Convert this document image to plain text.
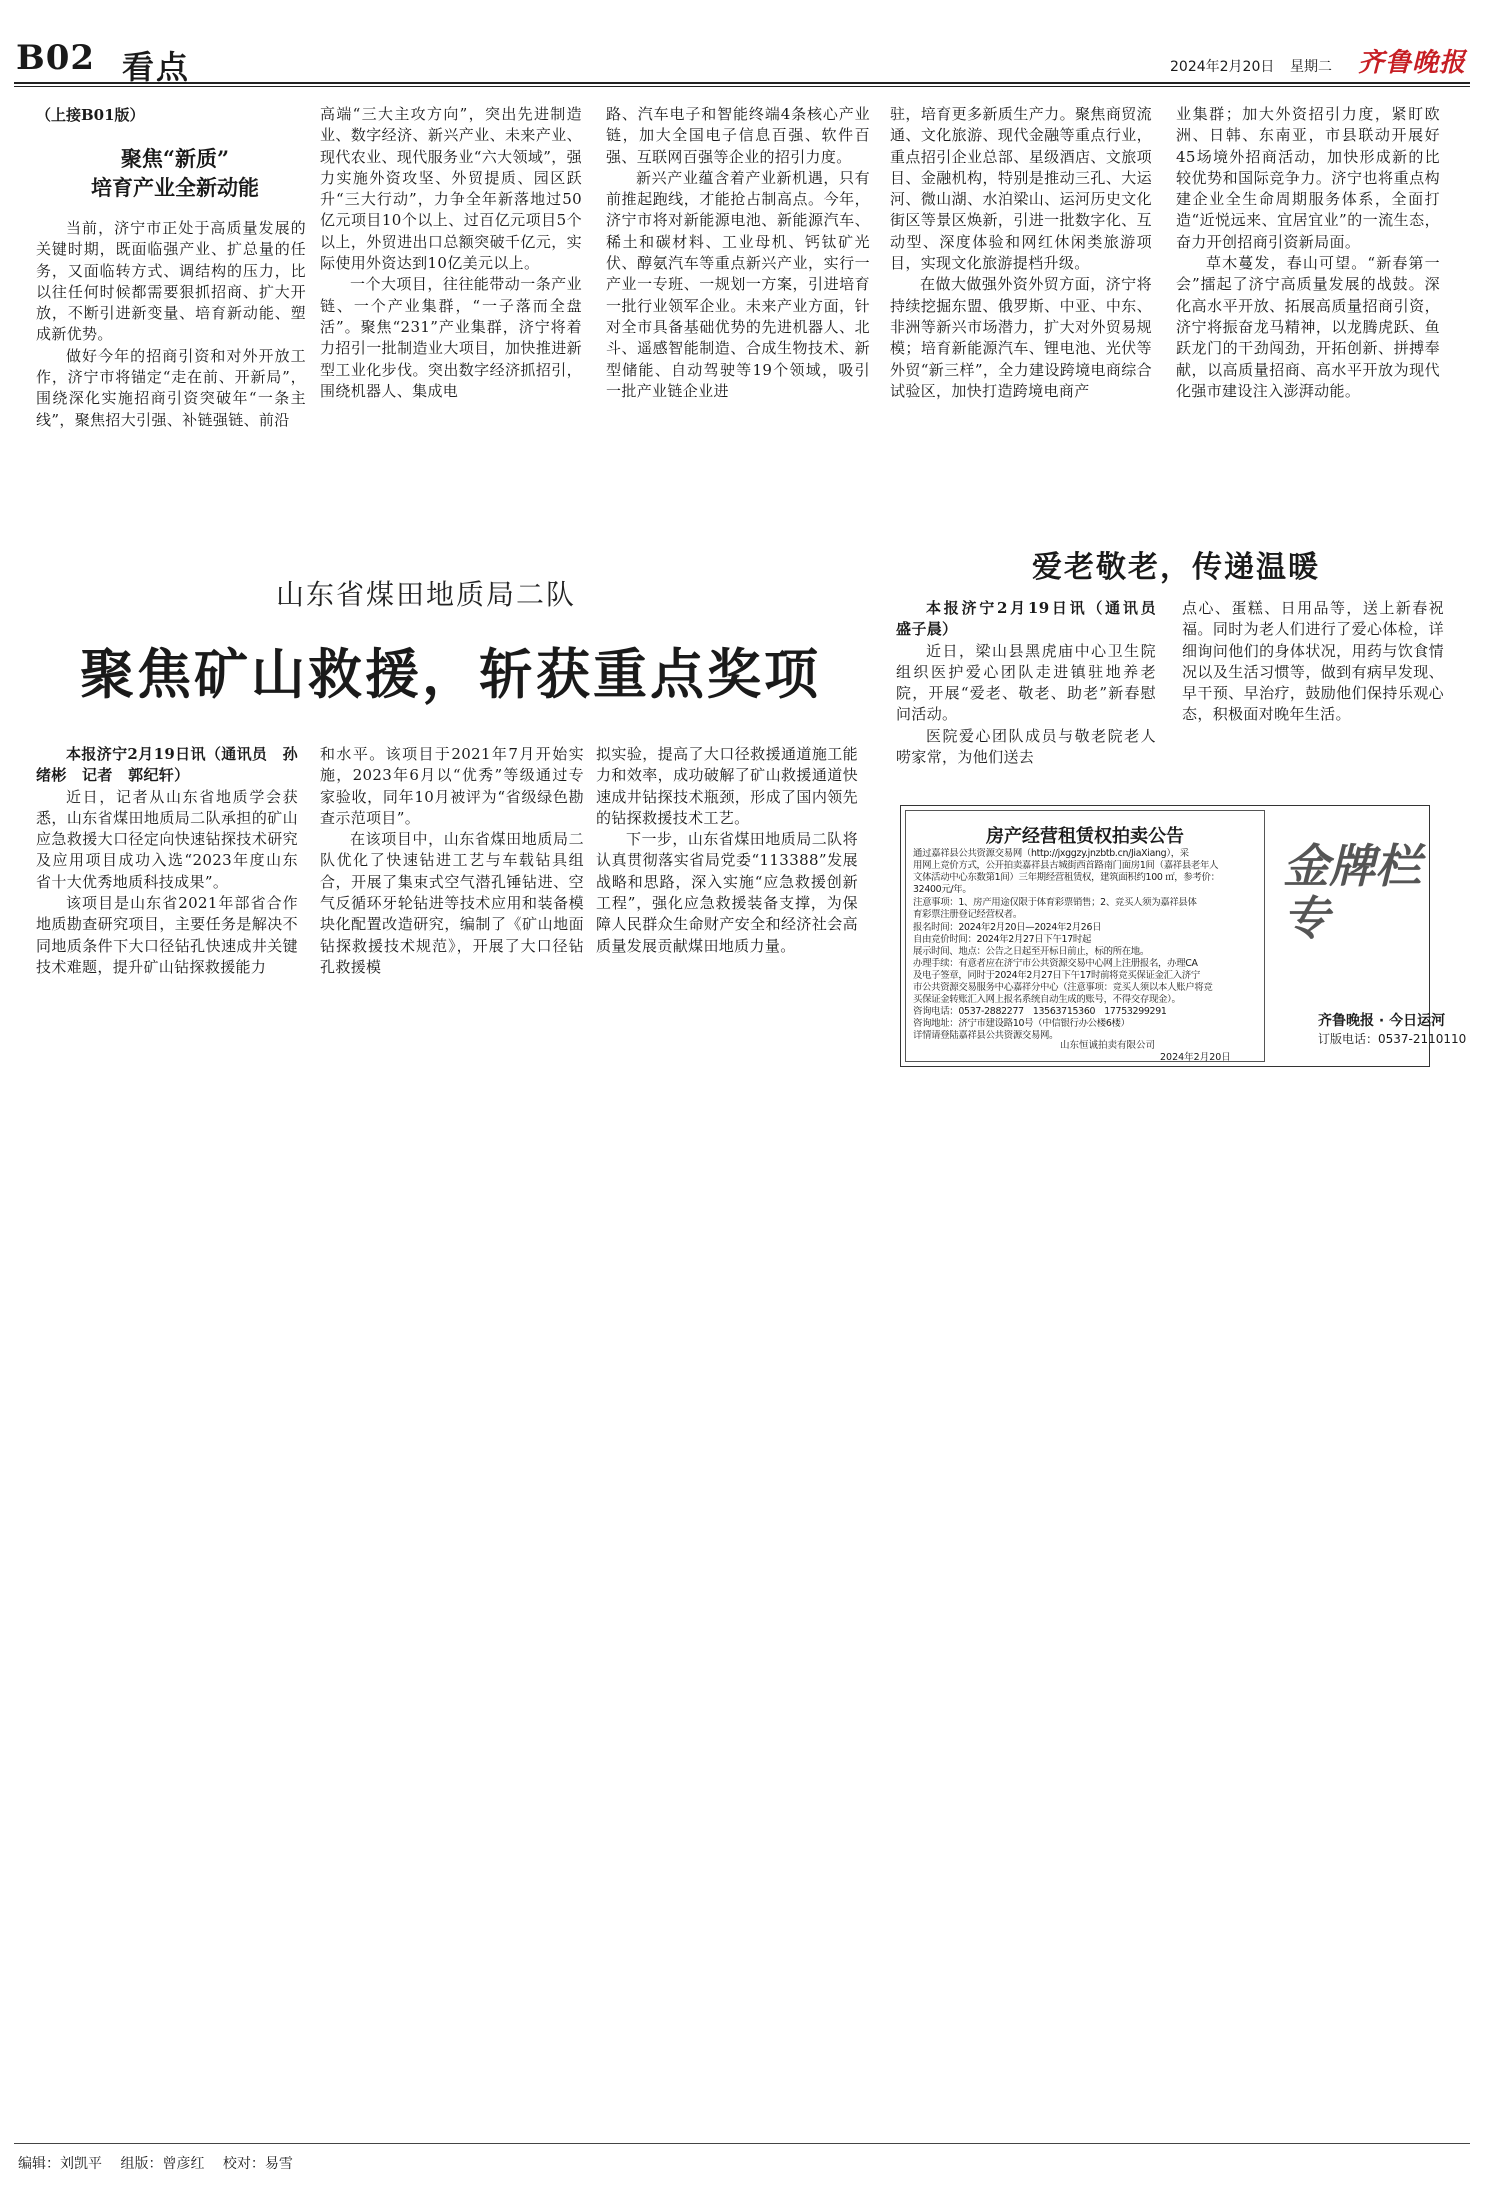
B02 看点	2024年2月20日 星期二 齐鲁晚报
（上接B01版）
聚焦“新质”
培育产业全新动能

当前，济宁市正处于高质量发展的关键时期，既面临强产业、扩总量的任务，又面临转方式、调结构的压力，比以往任何时候都需要狠抓招商、扩大开放，不断引进新变量、培育新动能、塑成新优势。

做好今年的招商引资和对外开放工作，济宁市将锚定“走在前、开新局”，围绕深化实施招商引资突破年“一条主线”，聚焦招大引强、补链强链、前沿

高端“三大主攻方向”，突出先进制造业、数字经济、新兴产业、未来产业、现代农业、现代服务业“六大领域”，强力实施外资攻坚、外贸提质、园区跃升“三大行动”，力争全年新落地过50亿元项目10个以上、过百亿元项目5个以上，外贸进出口总额突破千亿元，实际使用外资达到10亿美元以上。

一个大项目，往往能带动一条产业链、一个产业集群，“一子落而全盘活”。聚焦“231”产业集群，济宁将着力招引一批制造业大项目，加快推进新型工业化步伐。突出数字经济抓招引，围绕机器人、集成电

路、汽车电子和智能终端4条核心产业链，加大全国电子信息百强、软件百强、互联网百强等企业的招引力度。

新兴产业蕴含着产业新机遇，只有前推起跑线，才能抢占制高点。今年，济宁市将对新能源电池、新能源汽车、稀土和碳材料、工业母机、钙钛矿光伏、醇氨汽车等重点新兴产业，实行一产业一专班、一规划一方案，引进培育一批行业领军企业。未来产业方面，针对全市具备基础优势的先进机器人、北斗、遥感智能制造、合成生物技术、新型储能、自动驾驶等19个领域，吸引一批产业链企业进

驻，培育更多新质生产力。聚焦商贸流通、文化旅游、现代金融等重点行业，重点招引企业总部、星级酒店、文旅项目、金融机构，特别是推动三孔、大运河、微山湖、水泊梁山、运河历史文化街区等景区焕新，引进一批数字化、互动型、深度体验和网红休闲类旅游项目，实现文化旅游提档升级。

在做大做强外资外贸方面，济宁将持续挖掘东盟、俄罗斯、中亚、中东、非洲等新兴市场潜力，扩大对外贸易规模；培育新能源汽车、锂电池、光伏等外贸“新三样”，全力建设跨境电商综合试验区，加快打造跨境电商产

业集群；加大外资招引力度，紧盯欧洲、日韩、东南亚，市县联动开展好45场境外招商活动，加快形成新的比较优势和国际竞争力。济宁也将重点构建企业全生命周期服务体系，全面打造“近悦远来、宜居宜业”的一流生态，奋力开创招商引资新局面。

草木蔓发，春山可望。“新春第一会”擂起了济宁高质量发展的战鼓。深化高水平开放、拓展高质量招商引资，济宁将振奋龙马精神，以龙腾虎跃、鱼跃龙门的干劲闯劲，开拓创新、拼搏奉献，以高质量招商、高水平开放为现代化强市建设注入澎湃动能。

山东省煤田地质局二队
聚焦矿山救援，斩获重点奖项

本报济宁2月19日讯（通讯员　孙绪彬　记者　郭纪轩）

近日，记者从山东省地质学会获悉，山东省煤田地质局二队承担的矿山应急救援大口径定向快速钻探技术研究及应用项目成功入选“2023年度山东省十大优秀地质科技成果”。

该项目是山东省2021年部省合作地质勘查研究项目，主要任务是解决不同地质条件下大口径钻孔快速成井关键技术难题，提升矿山钻探救援能力

和水平。该项目于2021年7月开始实施，2023年6月以“优秀”等级通过专家验收，同年10月被评为“省级绿色勘查示范项目”。

在该项目中，山东省煤田地质局二队优化了快速钻进工艺与车载钻具组合，开展了集束式空气潜孔锤钻进、空气反循环牙轮钻进等技术应用和装备模块化配置改造研究，编制了《矿山地面钻探救援技术规范》，开展了大口径钻孔救援模

拟实验，提高了大口径救援通道施工能力和效率，成功破解了矿山救援通道快速成井钻探技术瓶颈，形成了国内领先的钻探救援技术工艺。

下一步，山东省煤田地质局二队将认真贯彻落实省局党委“113388”发展战略和思路，深入实施“应急救援创新工程”，强化应急救援装备支撑，为保障人民群众生命财产安全和经济社会高质量发展贡献煤田地质力量。

爱老敬老，传递温暖

本报济宁2月19日讯（通讯员　盛子晨）

近日，梁山县黑虎庙中心卫生院组织医护爱心团队走进镇驻地养老院，开展“爱老、敬老、助老”新春慰问活动。

医院爱心团队成员与敬老院老人唠家常，为他们送去

点心、蛋糕、日用品等，送上新春祝福。同时为老人们进行了爱心体检，详细询问他们的身体状况，用药与饮食情况以及生活习惯等，做到有病早发现、早干预、早治疗，鼓励他们保持乐观心态，积极面对晚年生活。

房产经营租赁权拍卖公告
通过嘉祥县公共资源交易网（http://jxggzy.jnzbtb.cn/JiaXiang），采
用网上竞价方式，公开拍卖嘉祥县古城街西首路南门面房1间（嘉祥县老年人
文体活动中心东数第1间）三年期经营租赁权，建筑面积约100 ㎡，参考价：
32400元/年。
注意事项：1、房产用途仅限于体育彩票销售；2、竞买人须为嘉祥县体
育彩票注册登记经营权者。
报名时间：2024年2月20日—2024年2月26日
自由竞价时间：2024年2月27日下午17时起
展示时间、地点：公告之日起至开标日前止，标的所在地。
办理手续：有意者应在济宁市公共资源交易中心网上注册报名，办理CA
及电子签章，同时于2024年2月27日下午17时前将竞买保证金汇入济宁
市公共资源交易服务中心嘉祥分中心（注意事项：竞买人须以本人账户将竞
买保证金转账汇入网上报名系统自动生成的账号，不得交存现金）。
咨询电话：0537-2882277　13563715360　17753299291
咨询地址：济宁市建设路10号（中信银行办公楼6楼）
详情请登陆嘉祥县公共资源交易网。
山东恒诚拍卖有限公司
2024年2月20日
金牌栏专
齐鲁晚报 · 今日运河
订版电话：0537-2110110
编辑：刘凯平 组版：曾彦红 校对：易雪
